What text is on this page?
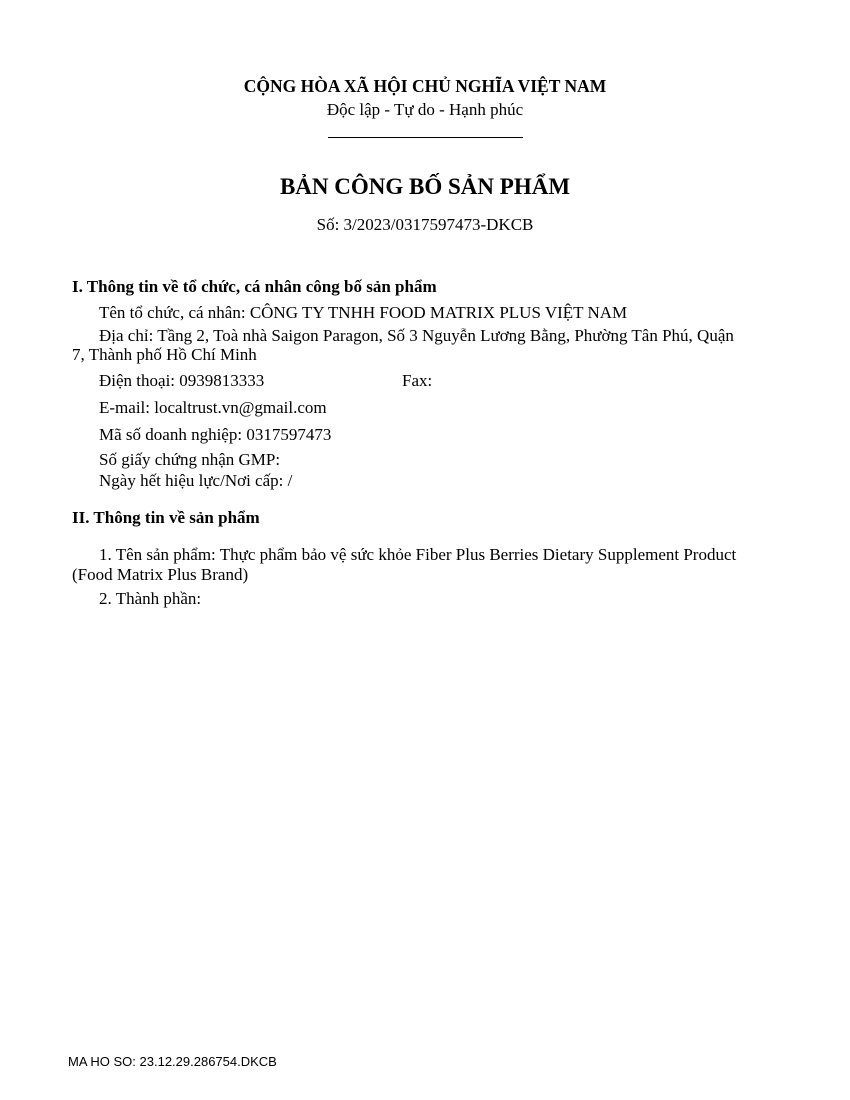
CỘNG HÒA XÃ HỘI CHỦ NGHĨA VIỆT NAM
Độc lập - Tự do - Hạnh phúc
BẢN CÔNG BỐ SẢN PHẨM
Số: 3/2023/0317597473-DKCB
I. Thông tin về tổ chức, cá nhân công bố sản phẩm
Tên tổ chức, cá nhân: CÔNG TY TNHH FOOD MATRIX PLUS VIỆT NAM
Địa chỉ: Tầng 2, Toà nhà Saigon Paragon, Số 3 Nguyễn Lương Bằng, Phường Tân Phú, Quận
7, Thành phố Hồ Chí Minh
Điện thoại: 0939813333	Fax:
E-mail: localtrust.vn@gmail.com
Mã số doanh nghiệp: 0317597473
Số giấy chứng nhận GMP:
Ngày hết hiệu lực/Nơi cấp: /
II. Thông tin về sản phẩm
1. Tên sản phẩm: Thực phẩm bảo vệ sức khỏe Fiber Plus Berries Dietary Supplement Product
(Food Matrix Plus Brand)
2. Thành phần:
MA HO SO: 23.12.29.286754.DKCB
